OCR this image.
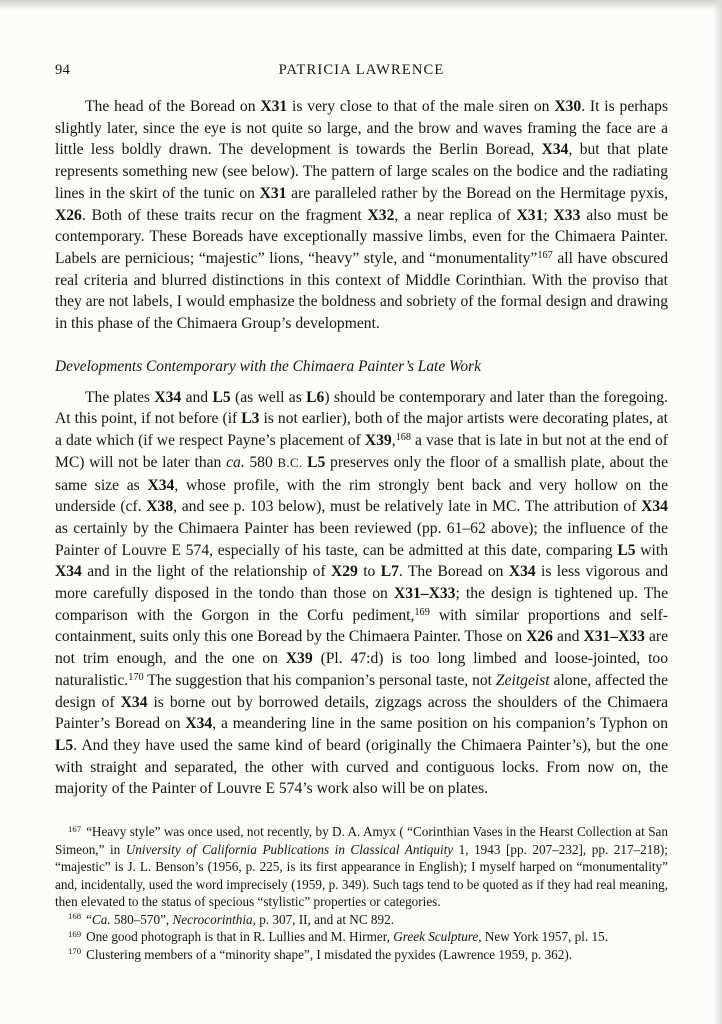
94	PATRICIA LAWRENCE

The head of the Boread on X31 is very close to that of the male siren on X30. It is perhaps slightly later, since the eye is not quite so large, and the brow and waves framing the face are a little less boldly drawn. The development is towards the Berlin Boread, X34, but that plate represents something new (see below). The pattern of large scales on the bodice and the radiating lines in the skirt of the tunic on X31 are paralleled rather by the Boread on the Hermitage pyxis, X26. Both of these traits recur on the fragment X32, a near replica of X31; X33 also must be contemporary. These Boreads have exceptionally massive limbs, even for the Chimaera Painter. Labels are pernicious; “majestic” lions, “heavy” style, and “monumentality”$^{167}$ all have obscured real criteria and blurred distinctions in this context of Middle Corinthian. With the proviso that they are not labels, I would emphasize the boldness and sobriety of the formal design and drawing in this phase of the Chimaera Group’s development.

Developments Contemporary with the Chimaera Painter’s Late Work

The plates X34 and L5 (as well as L6) should be contemporary and later than the foregoing. At this point, if not before (if L3 is not earlier), both of the major artists were decorating plates, at a date which (if we respect Payne’s placement of X39,$^{168}$ a vase that is late in but not at the end of MC) will not be later than ca. 580 B.C. L5 preserves only the floor of a smallish plate, about the same size as X34, whose profile, with the rim strongly bent back and very hollow on the underside (cf. X38, and see p. 103 below), must be relatively late in MC. The attribution of X34 as certainly by the Chimaera Painter has been reviewed (pp. 61–62 above); the influence of the Painter of Louvre E 574, especially of his taste, can be admitted at this date, comparing L5 with X34 and in the light of the relationship of X29 to L7. The Boread on X34 is less vigorous and more carefully disposed in the tondo than those on X31–X33; the design is tightened up. The comparison with the Gorgon in the Corfu pediment,$^{169}$ with similar proportions and self-containment, suits only this one Boread by the Chimaera Painter. Those on X26 and X31–X33 are not trim enough, and the one on X39 (Pl. 47:d) is too long limbed and loose-jointed, too naturalistic.$^{170}$ The suggestion that his companion’s personal taste, not Zeitgeist alone, affected the design of X34 is borne out by borrowed details, zigzags across the shoulders of the Chimaera Painter’s Boread on X34, a meandering line in the same position on his companion’s Typhon on L5. And they have used the same kind of beard (originally the Chimaera Painter’s), but the one with straight and separated, the other with curved and contiguous locks. From now on, the majority of the Painter of Louvre E 574’s work also will be on plates.

$^{167}$ “Heavy style” was once used, not recently, by D. A. Amyx ( “Corinthian Vases in the Hearst Collection at San Simeon,” in University of California Publications in Classical Antiquity 1, 1943 [pp. 207–232], pp. 217–218); “majestic” is J. L. Benson’s (1956, p. 225, is its first appearance in English); I myself harped on “monumentality” and, incidentally, used the word imprecisely (1959, p. 349). Such tags tend to be quoted as if they had real meaning, then elevated to the status of specious “stylistic” properties or categories.

$^{168}$ “Ca. 580–570”, Necrocorinthia, p. 307, II, and at NC 892.

$^{169}$ One good photograph is that in R. Lullies and M. Hirmer, Greek Sculpture, New York 1957, pl. 15.

$^{170}$ Clustering members of a “minority shape”, I misdated the pyxides (Lawrence 1959, p. 362).
